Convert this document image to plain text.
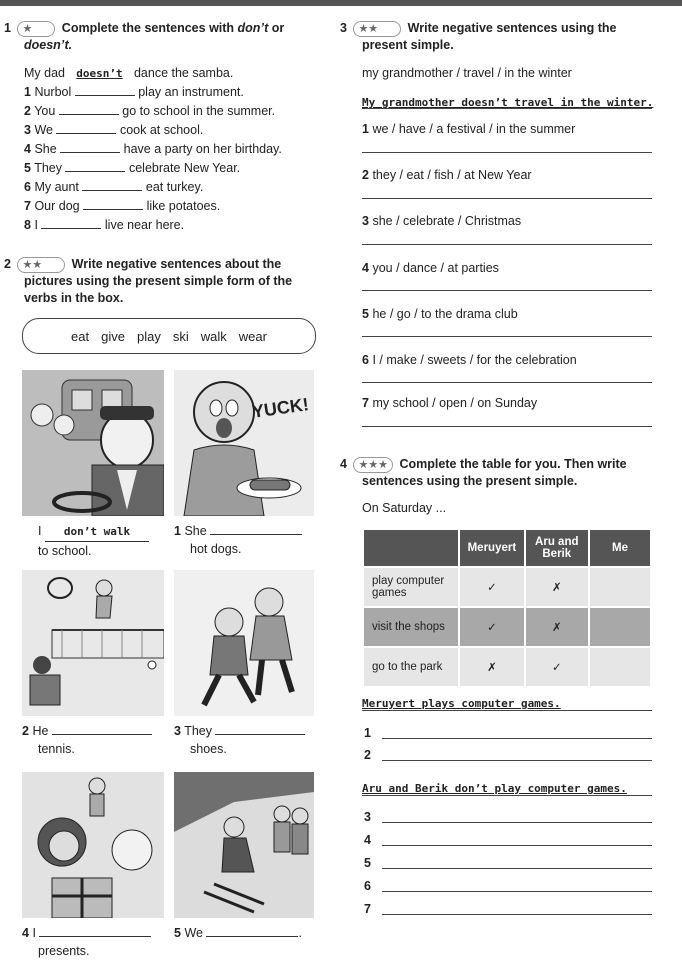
1 ★ Complete the sentences with don’t or
doesn’t.
My dad doesn’t dance the samba.
1 Nurbol	play an instrument.
2 You	go to school in the summer.
3 We	cook at school.
4 She	have a party on her birthday.
5 They	celebrate New Year.
6 My aunt	eat turkey.
7 Our dog	like potatoes.
8 I	live near here.
2 ★★ Write negative sentences about the
pictures using the present simple form of the
verbs in the box.
eat give play ski walk wear
YUCK!
I don’t walk
to school.
1 She
hot dogs.
2 He
tennis.
3 They
shoes.
4 I
presents.
5 We	.
3 ★★ Write negative sentences using the
present simple.
my grandmother / travel / in the winter
My grandmother doesn’t travel in the winter.
1 we / have / a festival / in the summer
2 they / eat / fish / at New Year
3 she / celebrate / Christmas
4 you / dance / at parties
5 he / go / to the drama club
6 I / make / sweets / for the celebration
7 my school / open / on Sunday
4 ★★★ Complete the table for you. Then write
sentences using the present simple.
On Saturday ...
	Meruyert	Aru and Berik	Me
play computer games	✓	✗	
visit the shops	✓	✗	
go to the park	✗	✓	
Meruyert plays computer games.
1
2
Aru and Berik don’t play computer games.
3
4
5
6
7
